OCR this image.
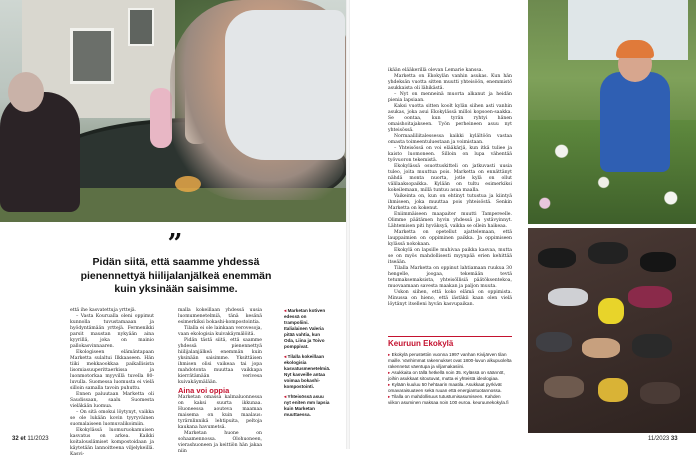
”
Pidän siitä, että saamme yhdessä pienennettyä hiilijalanjälkeä enemmän kuin yksinään saisimme.

että ihe kasvatettuja yrttejä.

– Vasta Kourualla oleni oppimut kunnolla tuvustamaaan ja hyödyntämään yrttejä. Fermenikki parsit maustan nykyään aina kyyrillä, joka on mainio pallokasvinnaaren.

Ekologiseen elämäntapaan Marketta sulaltui Ilkkaaseen. Hän tiiki mekkaookkaa paikallisista lisomiasuuperittaerkissa ja luonmotorkaa myyvillä tuvella 80-luvulla. Suomessa luomusta ei vielä silloin samalla tavoin puhuttu.

Ennen paluutaan Marketta oli Saudissaan, saalu Suomesta vieläkään luomua.

– On sitä omokui löytynyt, vaikka se ole lukään kovin tyyryväinen suomalaiseen luomuvalikoimiin.

Ekokylässä luomuruokamuisen kasvatus on arkea. Kaikki koitalouslämiset kompostoidaan ja käytetään lannoitteena viljelykeillä. Kasvi-

malla kokeillaan yhdessä uusia luomumenetelmiä, tänä kesänä esimerkiksi bokashi-kompostointia.

Tilalla ei ole lainkaan verovesoja, vaan ekologisia kuivakäymälöitä.

Pidän tästä siitä, että saamme yhdessä pienennettyä hiilijalanjälkeä enemmän kuin yksinään saisimme. Yksittäisen ihmisen olisi vaikeaa tai jopa mahdotonta muuttaa vaikkapa kierrätämään verivesa kuivakäymälään.

Aina voi oppia

Marketan omassa kalmaluonnessa on kaksi suurta ikkunaa. Huoneessa aouteva maamaa maisema on kuin maalaus: tyrärnlinnikä lehtipuita, peltoja kaukana havumetsä.

Marketan huone on sohaamennossa. Olohuoneen, vierashuoneen ja keittiön hän jakaa niin

◂ Marketan kotiven edessä on trampoliini. Italialainen Valeria pitää vahtia, kun Oda, Liina ja Toivo pomppivat.

◂ Tilalla kokeillaan ekologisia kasvatusmenetelmiä. Nyt kasveille antaa voimaa bokashi-kompostointi.

◂ Yhteisössä asuu nyt eniten mm lapsia kuin Marketan muuttaessa.

32 et 11/2023

ikään elääkerillä olevan Lemarie kanssa.

Marketta on Ekokylän vanhin asukas. Kun hän yhdeksän vuotta sitten muutti yhteisöön, enemmistö asukkaista oli lähikästä.

– Nyt on menneinä muorta alkanut ja heidän pienia lapsiaan.

Kaksi vuotta sitten koolt kylän siihen asti vanhin asukas, joka asui Ekokylässä milloi kopsoen-saakka. Se oontaa, kun tyrän ryhtyi hänen omaishoitajakseen. Työn perheineen asuu nyt yhteisössä.

Normaaliliitalessessa kaikki kylältöön vastaa omasta toimeentuluestaan ja voimistaan.

– Yhteisössä on voi elääkärjä, kun itkä tuliee ja kaisto luomoneen. Silloin on lupa vähentää työvuoron tekemistä.

Ekokylässä osuottuskitteli on jatkuvasti uusia tuleo, joita muuttua pois. Marketta on ennättänyt nähdä monta nuorta, jotle kylä on ollut välilaaksopaikka. Kylään on tultu esimerkiksi kokeilemaan, millä tuntuu asua maalla.

Vaikeinta on, kun on ehtinyt tutustua ja kiintyä ihmiseen, joka muuttaa pois yhteisöstä. Senkin Marketta on kokenut.

Eniimmäiseen maapaiter muutti Tampereelle. Olimme päätämen hyvin yhdessä ja ystävyinnyt. Lähtemisen piti hyväksyä, vaikka se ollein haikeaa.

Marketta on opetellut ajattelemaan, että lauppaimien on oppiminen paikka. Ja oppimiseen kylässä nokokaan.

Ekokylä on lapsille muhivaa paikka kasvaa, mutta se on myös mahdollisesti myynpää erien kehittää itseään.

Tilalla Marketta on oppinut lahtiamaan ruukua 30 hengelle, joogaa, tekemään tevtä tetumaksemaksista, yhteisöllisiä päätöksentekoa, muovaamaan savesta maakan ja paljon muuta.

Uskon siihen, että koko elämä on oppimista. Minussa on hieno, että iästäkii kaan olen vielä löytänyt itselleni hyvän kasvupaikan.

Keuruun Ekokylä

▸ Ekokylä perustettiin vuonna 1997 vanhan Kivijärven tilan maille. Vanhimmat rakennukset ovat 1800-luvun alkupuolelta rakennetut väentupa ja viljamakasiini.

▸ Asukkaita on tällä hetkellä noin 35. Kylässä on säännöt, joihin asukkaat sitoutuvat, mutta ei yhteistä ideologiaa.

▸ Kylään kuuluu 50 hehtaarin maatila. Asukkaat pyrkivät omavaraisuuteen sekä ruuan että energiantuotannossa.

▸ Tilalla on mahdollisuus tutustumisasumiseen. Kahden viikon asuminen maksaa noin 100 euroa. keuruunekokyla.fi

11/2023 33
